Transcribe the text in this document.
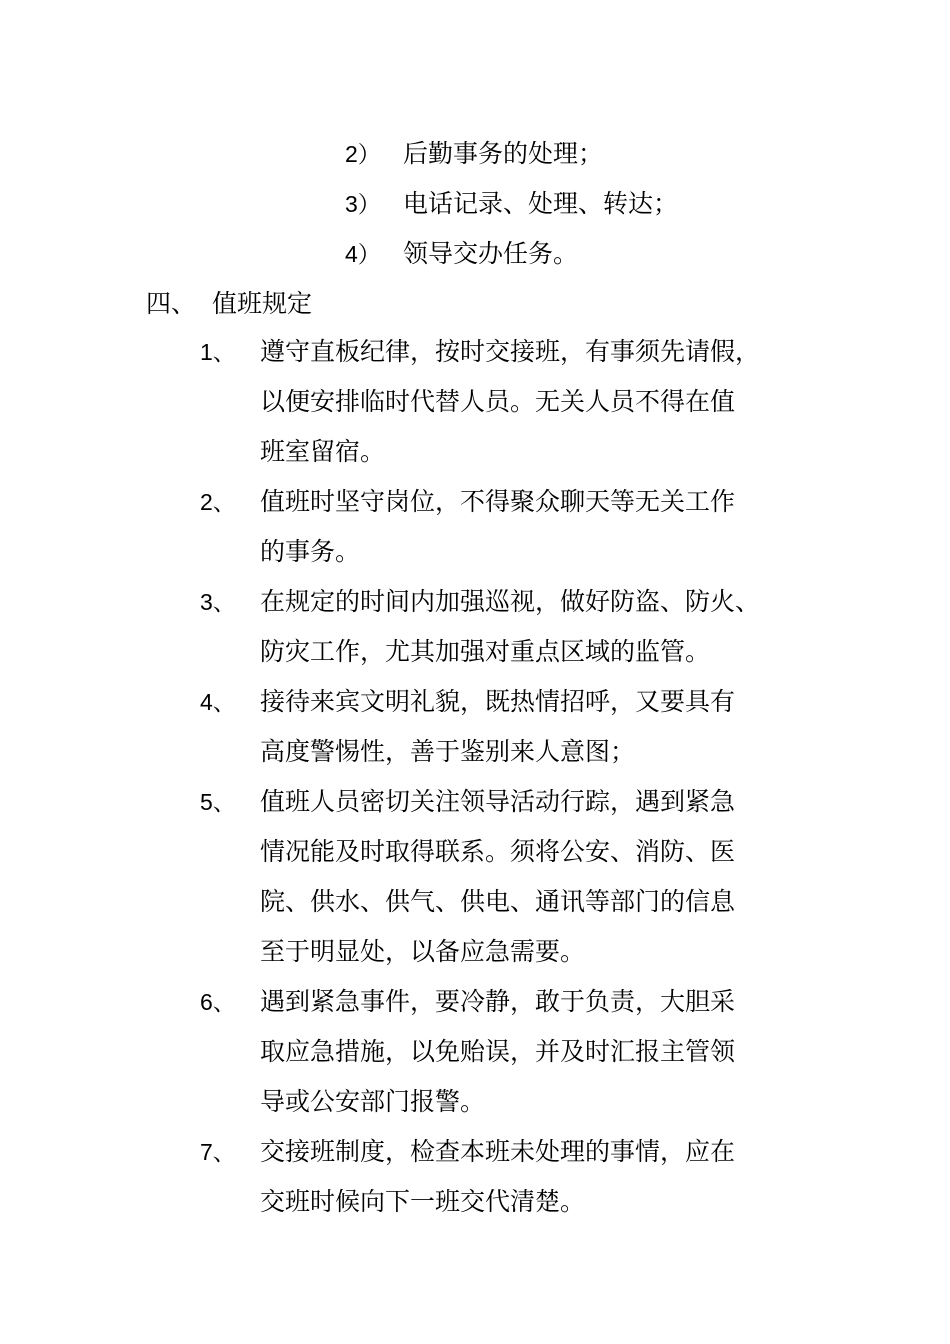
2） 后勤事务的处理；
3） 电话记录、处理、转达；
4） 领导交办任务。
四、 值班规定
1、 遵守直板纪律，按时交接班，有事须先请假，
以便安排临时代替人员。无关人员不得在值
班室留宿。
2、 值班时坚守岗位，不得聚众聊天等无关工作
的事务。
3、 在规定的时间内加强巡视，做好防盗、防火、
防灾工作，尤其加强对重点区域的监管。
4、 接待来宾文明礼貌，既热情招呼，又要具有
高度警惕性，善于鉴别来人意图；
5、 值班人员密切关注领导活动行踪，遇到紧急
情况能及时取得联系。须将公安、消防、医
院、供水、供气、供电、通讯等部门的信息
至于明显处，以备应急需要。
6、 遇到紧急事件，要冷静，敢于负责，大胆采
取应急措施，以免贻误，并及时汇报主管领
导或公安部门报警。
7、 交接班制度，检查本班未处理的事情，应在
交班时候向下一班交代清楚。
